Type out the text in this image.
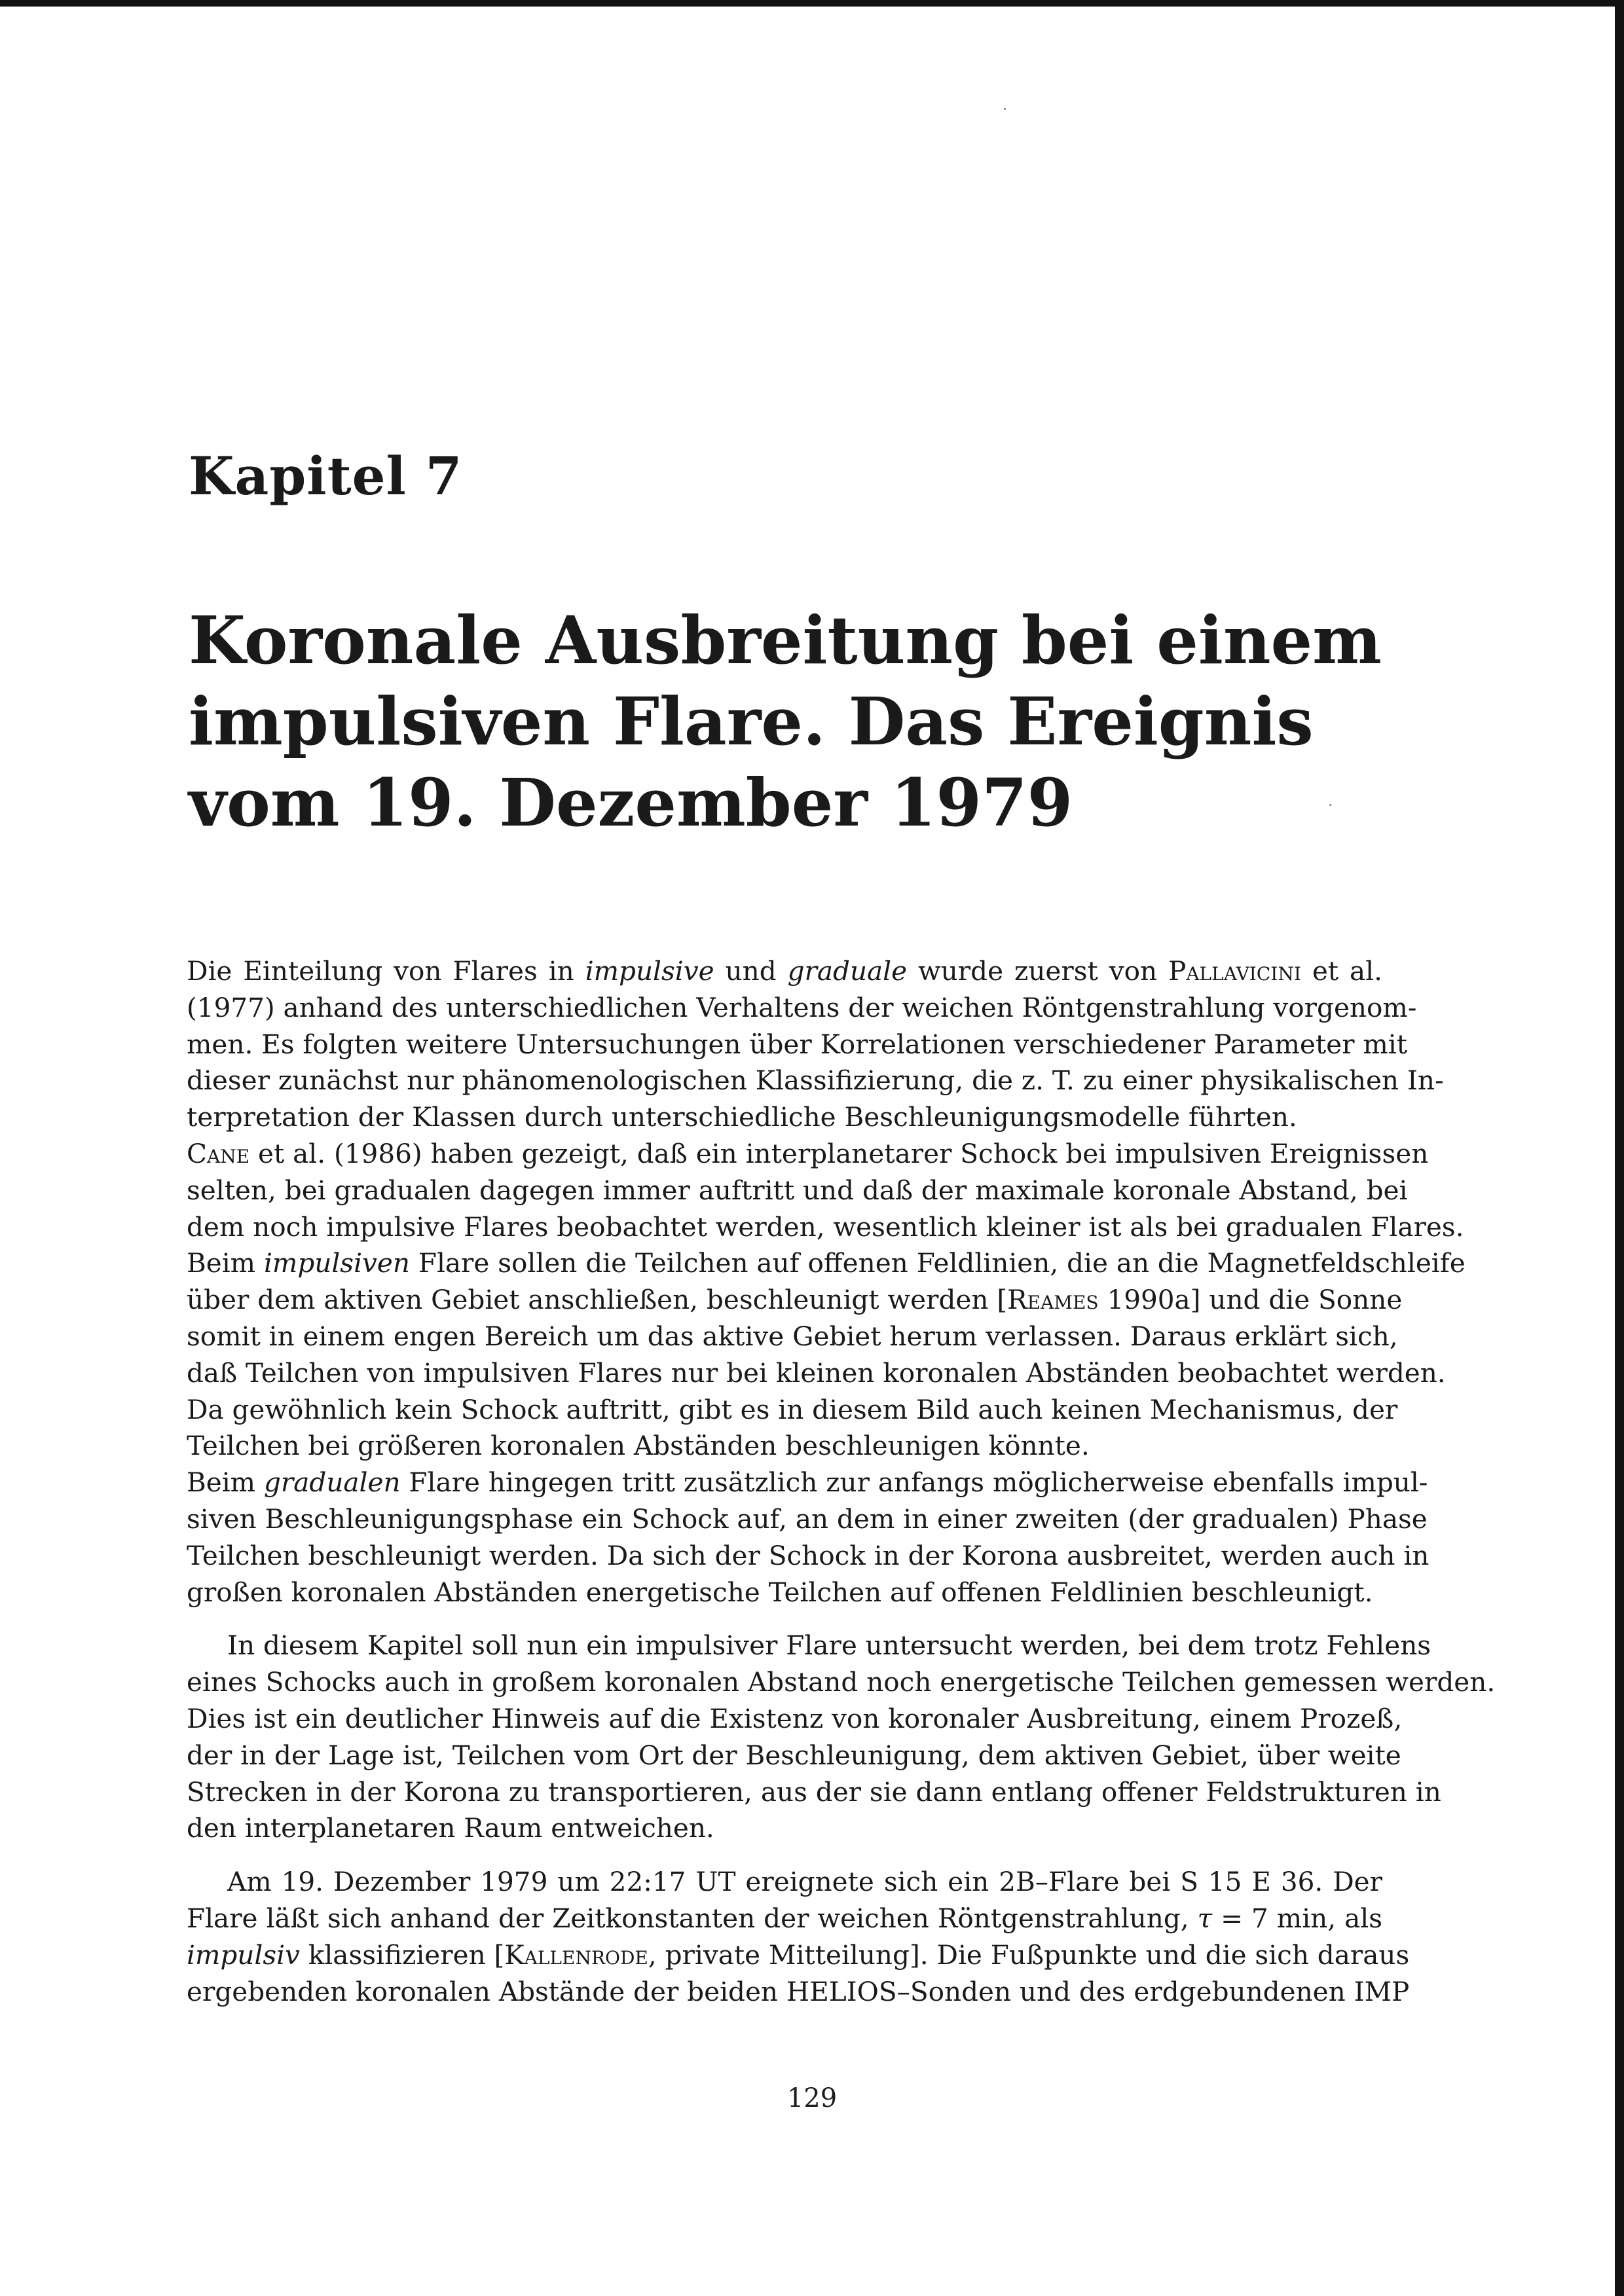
Kapitel 7
Koronale Ausbreitung bei einem
impulsiven Flare. Das Ereignis
vom 19. Dezember 1979
Die Einteilung von Flares in impulsive und graduale wurde zuerst von Pallavicini et al.
(1977) anhand des unterschiedlichen Verhaltens der weichen Röntgenstrahlung vorgenom-
men. Es folgten weitere Untersuchungen über Korrelationen verschiedener Parameter mit
dieser zunächst nur phänomenologischen Klassifizierung, die z. T. zu einer physikalischen In-
terpretation der Klassen durch unterschiedliche Beschleunigungsmodelle führten.
Cane et al. (1986) haben gezeigt, daß ein interplanetarer Schock bei impulsiven Ereignissen
selten, bei gradualen dagegen immer auftritt und daß der maximale koronale Abstand, bei
dem noch impulsive Flares beobachtet werden, wesentlich kleiner ist als bei gradualen Flares.
Beim impulsiven Flare sollen die Teilchen auf offenen Feldlinien, die an die Magnetfeldschleife
über dem aktiven Gebiet anschließen, beschleunigt werden [Reames 1990a] und die Sonne
somit in einem engen Bereich um das aktive Gebiet herum verlassen. Daraus erklärt sich,
daß Teilchen von impulsiven Flares nur bei kleinen koronalen Abständen beobachtet werden.
Da gewöhnlich kein Schock auftritt, gibt es in diesem Bild auch keinen Mechanismus, der
Teilchen bei größeren koronalen Abständen beschleunigen könnte.
Beim gradualen Flare hingegen tritt zusätzlich zur anfangs möglicherweise ebenfalls impul-
siven Beschleunigungsphase ein Schock auf, an dem in einer zweiten (der gradualen) Phase
Teilchen beschleunigt werden. Da sich der Schock in der Korona ausbreitet, werden auch in
großen koronalen Abständen energetische Teilchen auf offenen Feldlinien beschleunigt.
In diesem Kapitel soll nun ein impulsiver Flare untersucht werden, bei dem trotz Fehlens
eines Schocks auch in großem koronalen Abstand noch energetische Teilchen gemessen werden.
Dies ist ein deutlicher Hinweis auf die Existenz von koronaler Ausbreitung, einem Prozeß,
der in der Lage ist, Teilchen vom Ort der Beschleunigung, dem aktiven Gebiet, über weite
Strecken in der Korona zu transportieren, aus der sie dann entlang offener Feldstrukturen in
den interplanetaren Raum entweichen.
Am 19. Dezember 1979 um 22:17 UT ereignete sich ein 2B–Flare bei S 15 E 36. Der
Flare läßt sich anhand der Zeitkonstanten der weichen Röntgenstrahlung, τ = 7 min, als
impulsiv klassifizieren [Kallenrode, private Mitteilung]. Die Fußpunkte und die sich daraus
ergebenden koronalen Abstände der beiden HELIOS–Sonden und des erdgebundenen IMP
129
